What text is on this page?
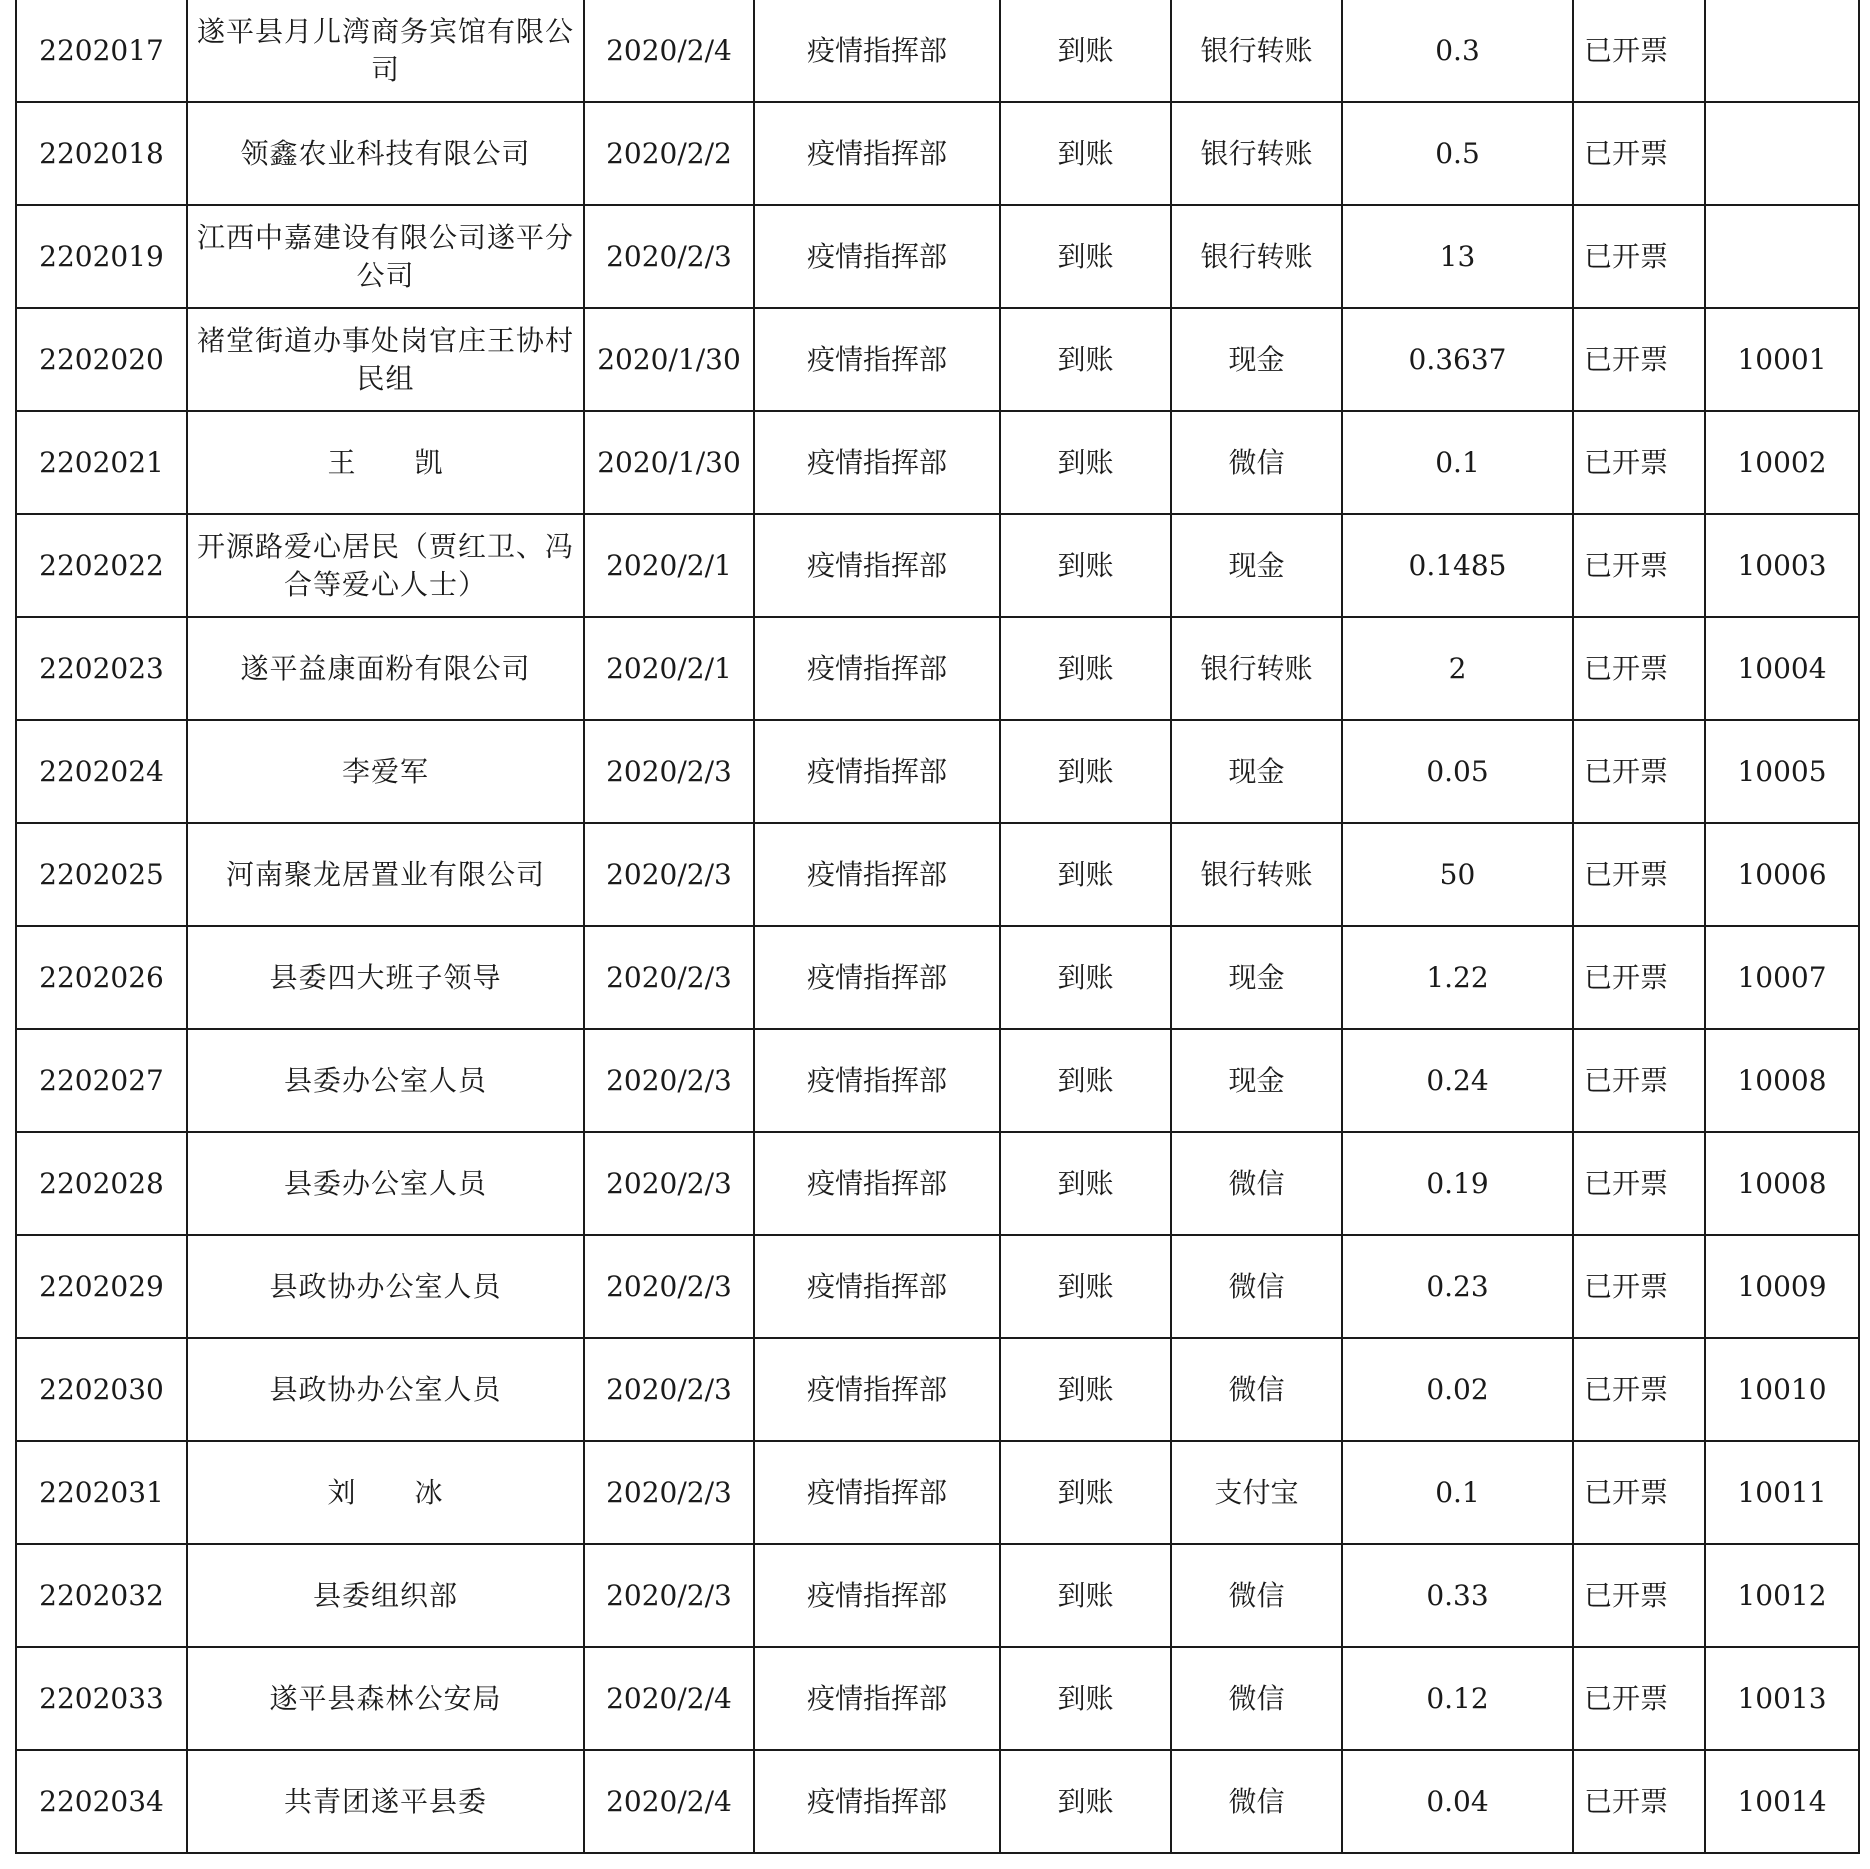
2202017	遂平县月儿湾商务宾馆有限公司	2020/2/4	疫情指挥部	到账	银行转账	0.3	已开票	
2202018	领鑫农业科技有限公司	2020/2/2	疫情指挥部	到账	银行转账	0.5	已开票	
2202019	江西中嘉建设有限公司遂平分公司	2020/2/3	疫情指挥部	到账	银行转账	13	已开票	
2202020	褚堂街道办事处岗官庄王协村民组	2020/1/30	疫情指挥部	到账	现金	0.3637	已开票	10001
2202021	王　　凯	2020/1/30	疫情指挥部	到账	微信	0.1	已开票	10002
2202022	开源路爱心居民（贾红卫、冯合等爱心人士）	2020/2/1	疫情指挥部	到账	现金	0.1485	已开票	10003
2202023	遂平益康面粉有限公司	2020/2/1	疫情指挥部	到账	银行转账	2	已开票	10004
2202024	李爱军	2020/2/3	疫情指挥部	到账	现金	0.05	已开票	10005
2202025	河南聚龙居置业有限公司	2020/2/3	疫情指挥部	到账	银行转账	50	已开票	10006
2202026	县委四大班子领导	2020/2/3	疫情指挥部	到账	现金	1.22	已开票	10007
2202027	县委办公室人员	2020/2/3	疫情指挥部	到账	现金	0.24	已开票	10008
2202028	县委办公室人员	2020/2/3	疫情指挥部	到账	微信	0.19	已开票	10008
2202029	县政协办公室人员	2020/2/3	疫情指挥部	到账	微信	0.23	已开票	10009
2202030	县政协办公室人员	2020/2/3	疫情指挥部	到账	微信	0.02	已开票	10010
2202031	刘　　冰	2020/2/3	疫情指挥部	到账	支付宝	0.1	已开票	10011
2202032	县委组织部	2020/2/3	疫情指挥部	到账	微信	0.33	已开票	10012
2202033	遂平县森林公安局	2020/2/4	疫情指挥部	到账	微信	0.12	已开票	10013
2202034	共青团遂平县委	2020/2/4	疫情指挥部	到账	微信	0.04	已开票	10014
